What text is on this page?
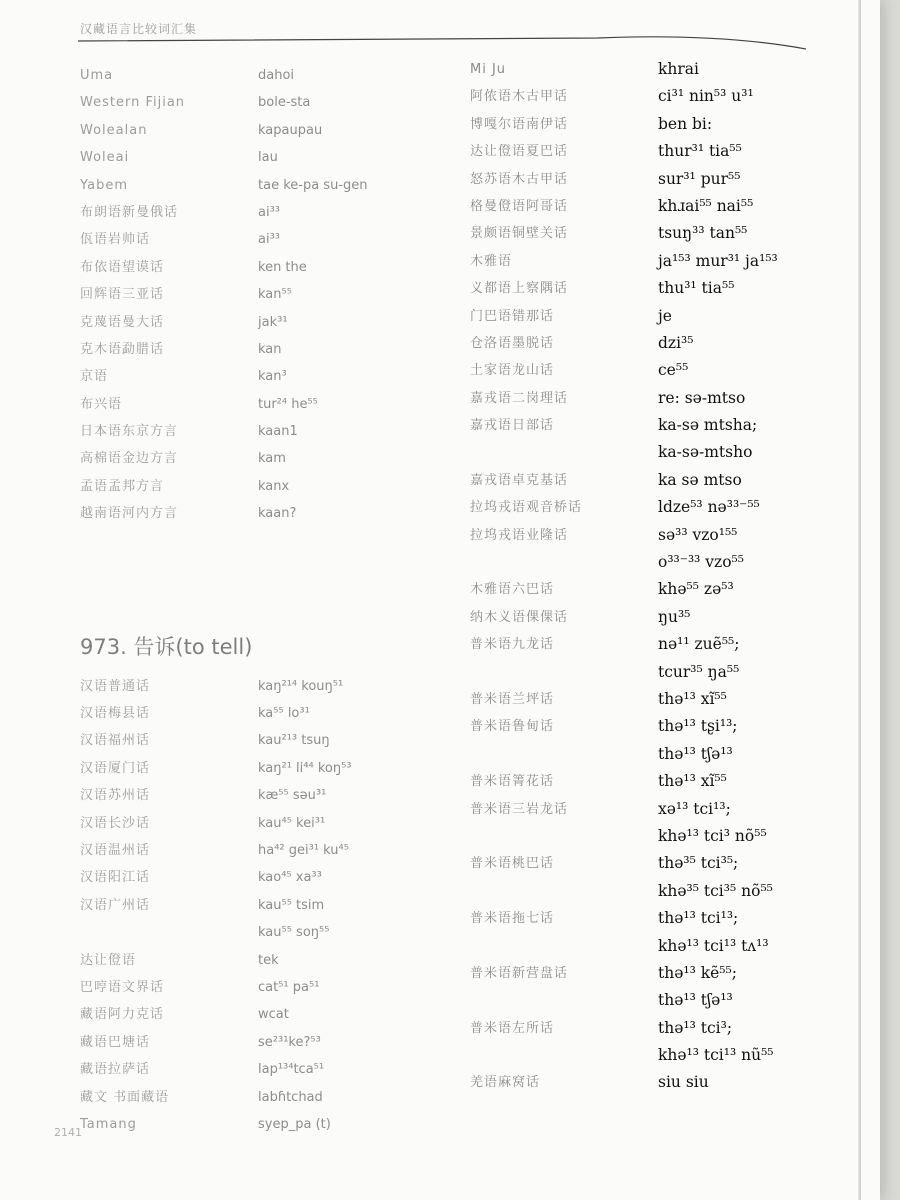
汉藏语言比较词汇集
Uma	dahoi
Western Fijian	bole-sta
Wolealan	kapaupau
Woleai	lau
Yabem	tae ke-pa su-gen
布朗语新曼俄话	ai³³
佤语岩帅话	ai³³
布依语望谟话	ken the
回辉语三亚话	kan⁵⁵
克蔑语曼大话	jak³¹
克木语勐腊话	kan
京语	kan³
布兴语	tur²⁴ he⁵⁵
日本语东京方言	kaan1
高棉语金边方言	kam
孟语孟邦方言	kanx
越南语河内方言	kaan?
973. 告诉(to tell)
汉语普通话	kaŋ²¹⁴ kouŋ⁵¹
汉语梅县话	ka⁵⁵ lo³¹
汉语福州话	kau²¹³ tsuŋ
汉语厦门话	kaŋ²¹ li⁴⁴ koŋ⁵³
汉语苏州话	kæ⁵⁵ səu³¹
汉语长沙话	kau⁴⁵ kei³¹
汉语温州话	ha⁴² gei³¹ ku⁴⁵
汉语阳江话	kao⁴⁵ xa³³
汉语广州话	kau⁵⁵ tsim
kau⁵⁵ soŋ⁵⁵
达让僜语	tek
巴哼语文界话	cat⁵¹ pa⁵¹
藏语阿力克话	wcat
藏语巴塘话	se²³¹ke?⁵³
藏语拉萨话	lap¹³⁴tca⁵¹
藏文 书面藏语	labɦtchad
Tamang	syep_pa (t)
Mi Ju	khrai
阿侬语木古甲话	ci³¹ nin⁵³ u³¹
博嘎尔语南伊话	ben bi:
达让僜语夏巴话	thur³¹ tia⁵⁵
怒苏语木古甲话	sur³¹ pur⁵⁵
格曼僜语阿哥话	khɹai⁵⁵ nai⁵⁵
景颇语铜壁关话	tsuŋ³³ tan⁵⁵
木雅语	ja¹⁵³ mur³¹ ja¹⁵³
义都语上察隅话	thu³¹ tia⁵⁵
门巴语错那话	je
仓洛语墨脱话	dzi³⁵
土家语龙山话	ce⁵⁵
嘉戎语二岗理话	re: sə-mtso
嘉戎语日部话	ka-sə mtsha;
ka-sə-mtsho
嘉戎语卓克基话	ka sə mtso
拉坞戎语观音桥话	ldze⁵³ nə³³⁻⁵⁵
拉坞戎语业隆话	sə³³ vzo¹⁵⁵
o³³⁻³³ vzo⁵⁵
木雅语六巴话	khə⁵⁵ zə⁵³
纳木义语倮倮话	ŋu³⁵
普米语九龙话	nə¹¹ zuẽ⁵⁵;
tcur³⁵ ŋa⁵⁵
普米语兰坪话	thə¹³ xĩ⁵⁵
普米语鲁甸话	thə¹³ tʂi¹³;
thə¹³ tʃə¹³
普米语箐花话	thə¹³ xĩ⁵⁵
普米语三岩龙话	xə¹³ tci¹³;
khə¹³ tci³ nõ⁵⁵
普米语桃巴话	thə³⁵ tci³⁵;
khə³⁵ tci³⁵ nõ⁵⁵
普米语拖七话	thə¹³ tci¹³;
khə¹³ tci¹³ tʌ¹³
普米语新营盘话	thə¹³ kẽ⁵⁵;
thə¹³ tʃə¹³
普米语左所话	thə¹³ tci³;
khə¹³ tci¹³ nũ⁵⁵
羌语麻窝话	siu siu
2141
